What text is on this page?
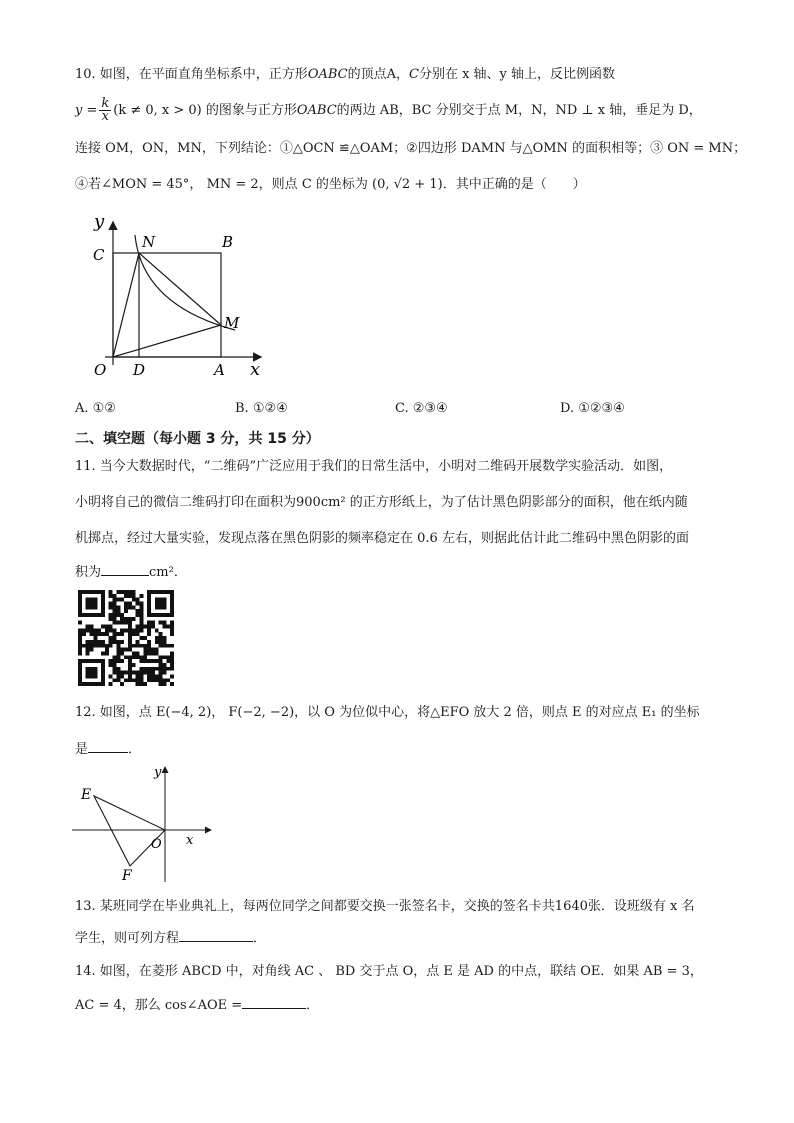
10. 如图，在平面直角坐标系中，正方形OABC的顶点A，C分别在 x 轴、y 轴上，反比例函数
$y = \frac{k}{x} (k \ne 0$, x > 0) 的图象与正方形OABC的两边 AB，BC 分别交于点 M，N，ND ⊥ x 轴，垂足为 D，
连接 OM，ON，MN，下列结论：①△OCN ≌△OAM；②四边形 DAMN 与△OMN 的面积相等；③ ON = MN；
④若∠MON = 45°， MN = 2，则点 C 的坐标为 (0, √2 + 1)．其中正确的是（　　）
y
C
N	B
M
O D	A x
A. ①②	B. ①②④	C. ②③④	D. ①②③④
二、填空题（每小题 3 分，共 15 分）
11. 当今大数据时代，“二维码”广泛应用于我们的日常生活中，小明对二维码开展数学实验活动．如图，
小明将自己的微信二维码打印在面积为900cm² 的正方形纸上，为了估计黑色阴影部分的面积，他在纸内随
机掷点，经过大量实验，发现点落在黑色阴影的频率稳定在 0.6 左右，则据此估计此二维码中黑色阴影的面
积为	cm²．
12. 如图，点 E(−4, 2)， F(−2, −2)，以 O 为位似中心，将△EFO 放大 2 倍，则点 E 的对应点 E₁ 的坐标
是	．
y
E
O x
F
13. 某班同学在毕业典礼上，每两位同学之间都要交换一张签名卡，交换的签名卡共1640张．设班级有 x 名
学生，则可列方程	．
14. 如图，在菱形 ABCD 中，对角线 AC 、 BD 交于点 O，点 E 是 AD 的中点，联结 OE．如果 AB = 3，
AC = 4，那么 cos∠AOE =	．
